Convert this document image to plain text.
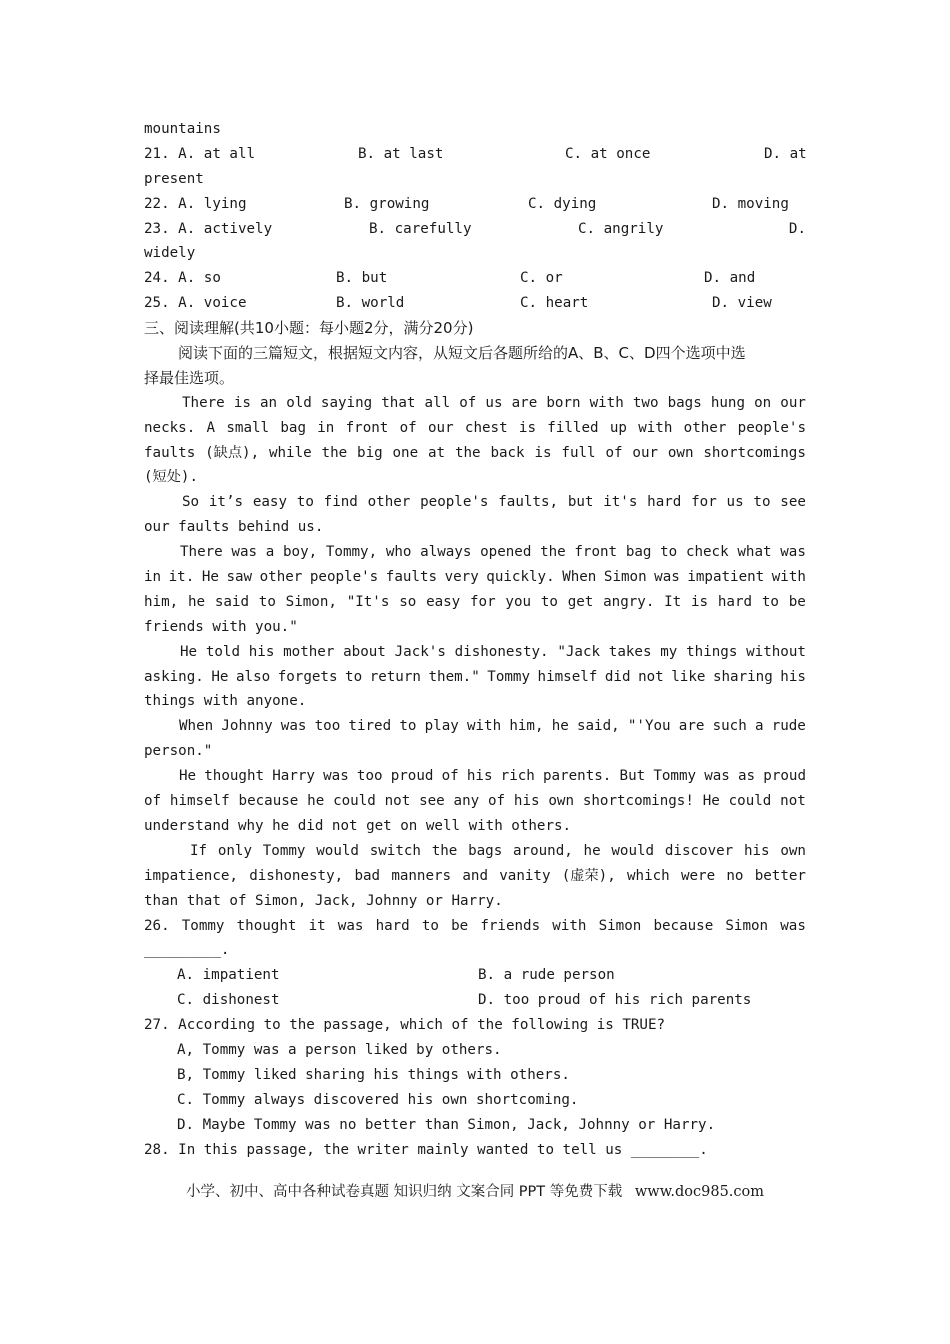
mountains
21. A. at all	B. at last	C. at once	D. at
present
22. A. lying	B. growing	C. dying	D. moving
23. A. actively	B. carefully	C. angrily	D.
widely
24. A. so	B. but	C. or	D. and
25. A. voice	B. world	C. heart	D. view
三、阅读理解(共10小题：每小题2分，满分20分)
阅读下面的三篇短文，根据短文内容，从短文后各题所给的A、B、C、D四个选项中选
择最佳选项。
There is an old saying that all of us are born with two bags hung on our
necks. A small bag in front of our chest is filled up with other people's
faults (缺点), while the big one at the back is full of our own shortcomings
(短处).
So it’s easy to find other people's faults, but it's hard for us to see
our faults behind us.
There was a boy, Tommy, who always opened the front bag to check what was
in it. He saw other people's faults very quickly. When Simon was impatient with
him, he said to Simon, "It's so easy for you to get angry. It is hard to be
friends with you."
He told his mother about Jack's dishonesty. "Jack takes my things without
asking. He also forgets to return them." Tommy himself did not like sharing his
things with anyone.
When Johnny was too tired to play with him, he said, "'You are such a rude
person."
He thought Harry was too proud of his rich parents. But Tommy was as proud
of himself because he could not see any of his own shortcomings! He could not
understand why he did not get on well with others.
If only Tommy would switch the bags around, he would discover his own
impatience, dishonesty, bad manners and vanity (虚荣), which were no better
than that of Simon, Jack, Johnny or Harry.
26. Tommy thought it was hard to be friends with Simon because Simon was
_________.
A. impatient	B. a rude person
C. dishonest	D. too proud of his rich parents
27. According to the passage, which of the following is TRUE?
A, Tommy was a person liked by others.
B, Tommy liked sharing his things with others.
C. Tommy always discovered his own shortcoming.
D. Maybe Tommy was no better than Simon, Jack, Johnny or Harry.
28. In this passage, the writer mainly wanted to tell us ________.
小学、初中、高中各种试卷真题 知识归纳 文案合同 PPT 等免费下载 www.doc985.com
